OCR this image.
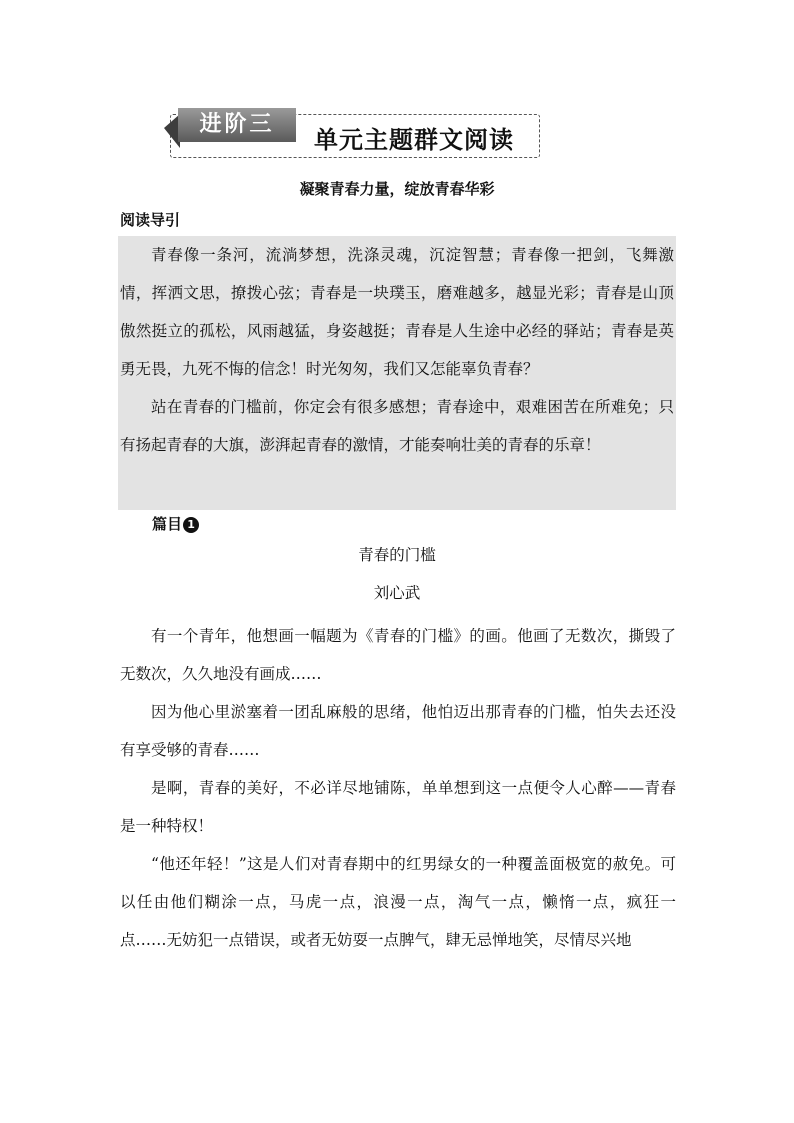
进阶三
单元主题群文阅读
凝聚青春力量，绽放青春华彩
阅读导引

青春像一条河，流淌梦想，洗涤灵魂，沉淀智慧；青春像一把剑，飞舞激情，挥洒文思，撩拨心弦；青春是一块璞玉，磨难越多，越显光彩；青春是山顶傲然挺立的孤松，风雨越猛，身姿越挺；青春是人生途中必经的驿站；青春是英勇无畏，九死不悔的信念！时光匆匆，我们又怎能辜负青春？

站在青春的门槛前，你定会有很多感想；青春途中，艰难困苦在所难免；只有扬起青春的大旗，澎湃起青春的激情，才能奏响壮美的青春的乐章！

篇目 1
青春的门槛
刘心武

有一个青年，他想画一幅题为《青春的门槛》的画。他画了无数次，撕毁了无数次，久久地没有画成……

因为他心里淤塞着一团乱麻般的思绪，他怕迈出那青春的门槛，怕失去还没有享受够的青春……

是啊，青春的美好，不必详尽地铺陈，单单想到这一点便令人心醉——青春是一种特权！

“他还年轻！”这是人们对青春期中的红男绿女的一种覆盖面极宽的赦免。可以任由他们糊涂一点，马虎一点，浪漫一点，淘气一点，懒惰一点，疯狂一点……无妨犯一点错误，或者无妨耍一点脾气，肆无忌惮地笑，尽情尽兴地
